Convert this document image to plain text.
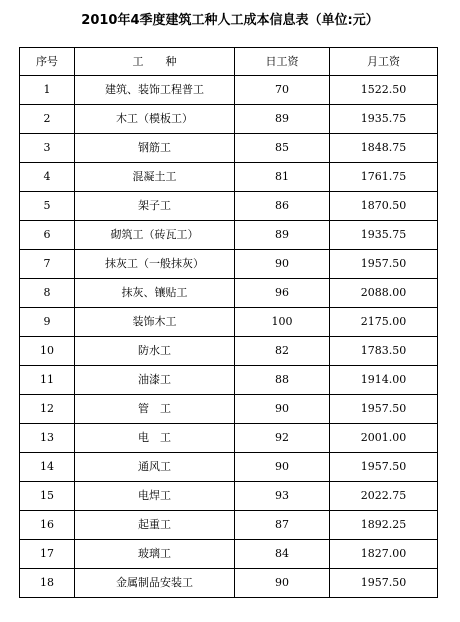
2010年4季度建筑工种人工成本信息表（单位:元）
序号	工　　种	日工资	月工资
1	建筑、装饰工程普工	70	1522.50
2	木工（模板工）	89	1935.75
3	钢筋工	85	1848.75
4	混凝土工	81	1761.75
5	架子工	86	1870.50
6	砌筑工（砖瓦工）	89	1935.75
7	抹灰工（一般抹灰）	90	1957.50
8	抹灰、镶贴工	96	2088.00
9	装饰木工	100	2175.00
10	防水工	82	1783.50
11	油漆工	88	1914.00
12	管　工	90	1957.50
13	电　工	92	2001.00
14	通风工	90	1957.50
15	电焊工	93	2022.75
16	起重工	87	1892.25
17	玻璃工	84	1827.00
18	金属制品安装工	90	1957.50
